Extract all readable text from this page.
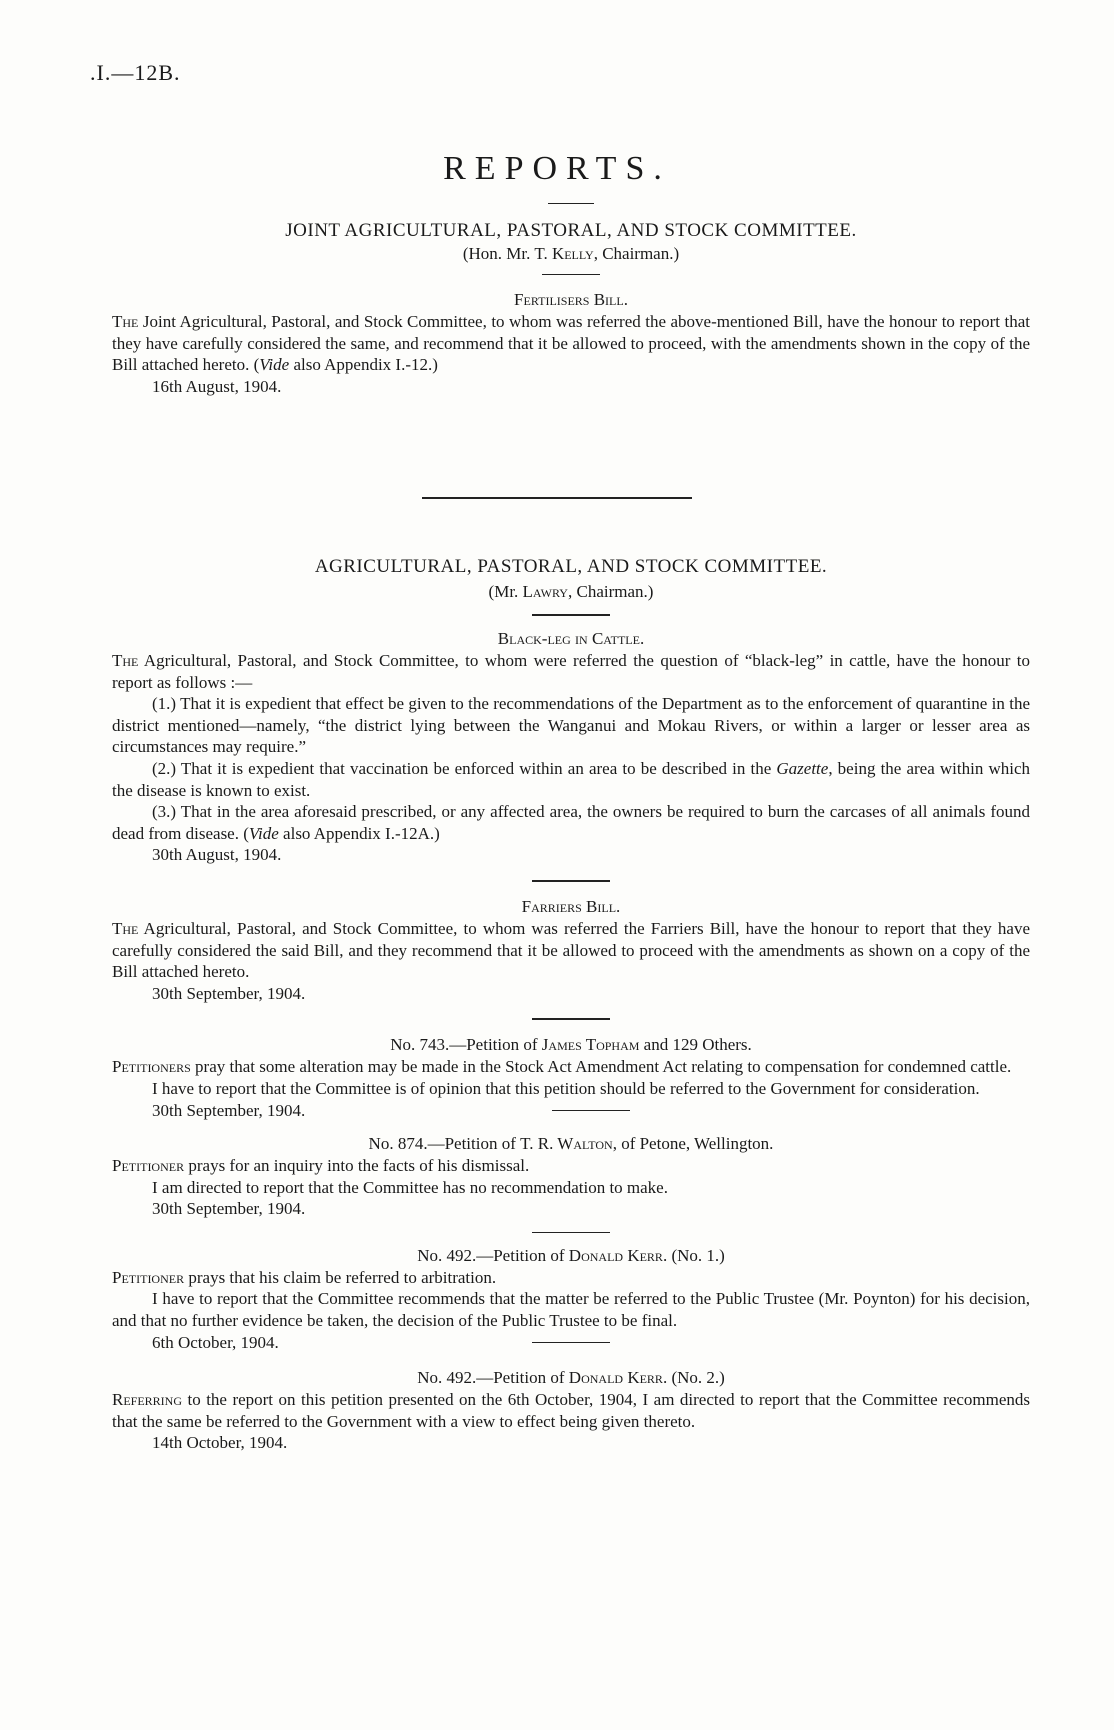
.I.—12B.
REPORTS.
JOINT AGRICULTURAL, PASTORAL, AND STOCK COMMITTEE.
(Hon. Mr. T. Kelly, Chairman.)
Fertilisers Bill.

The Joint Agricultural, Pastoral, and Stock Committee, to whom was referred the above-mentioned Bill, have the honour to report that they have carefully considered the same, and recommend that it be allowed to proceed, with the amendments shown in the copy of the Bill attached hereto. (Vide also Appendix I.-12.)

16th August, 1904.

AGRICULTURAL, PASTORAL, AND STOCK COMMITTEE.
(Mr. Lawry, Chairman.)
Black-leg in Cattle.

The Agricultural, Pastoral, and Stock Committee, to whom were referred the question of “black-leg” in cattle, have the honour to report as follows :—

(1.) That it is expedient that effect be given to the recommendations of the Department as to the enforcement of quarantine in the district mentioned—namely, “the district lying between the Wanganui and Mokau Rivers, or within a larger or lesser area as circumstances may require.”

(2.) That it is expedient that vaccination be enforced within an area to be described in the Gazette, being the area within which the disease is known to exist.

(3.) That in the area aforesaid prescribed, or any affected area, the owners be required to burn the carcases of all animals found dead from disease. (Vide also Appendix I.-12A.)

30th August, 1904.

Farriers Bill.

The Agricultural, Pastoral, and Stock Committee, to whom was referred the Farriers Bill, have the honour to report that they have carefully considered the said Bill, and they recommend that it be allowed to proceed with the amendments as shown on a copy of the Bill attached hereto.

30th September, 1904.

No. 743.—Petition of James Topham and 129 Others.

Petitioners pray that some alteration may be made in the Stock Act Amendment Act relating to compensation for condemned cattle.

I have to report that the Committee is of opinion that this petition should be referred to the Government for consideration.

30th September, 1904.

No. 874.—Petition of T. R. Walton, of Petone, Wellington.

Petitioner prays for an inquiry into the facts of his dismissal.

I am directed to report that the Committee has no recommendation to make.

30th September, 1904.

No. 492.—Petition of Donald Kerr. (No. 1.)

Petitioner prays that his claim be referred to arbitration.

I have to report that the Committee recommends that the matter be referred to the Public Trustee (Mr. Poynton) for his decision, and that no further evidence be taken, the decision of the Public Trustee to be final.

6th October, 1904.

No. 492.—Petition of Donald Kerr. (No. 2.)

Referring to the report on this petition presented on the 6th October, 1904, I am directed to report that the Committee recommends that the same be referred to the Government with a view to effect being given thereto.

14th October, 1904.
